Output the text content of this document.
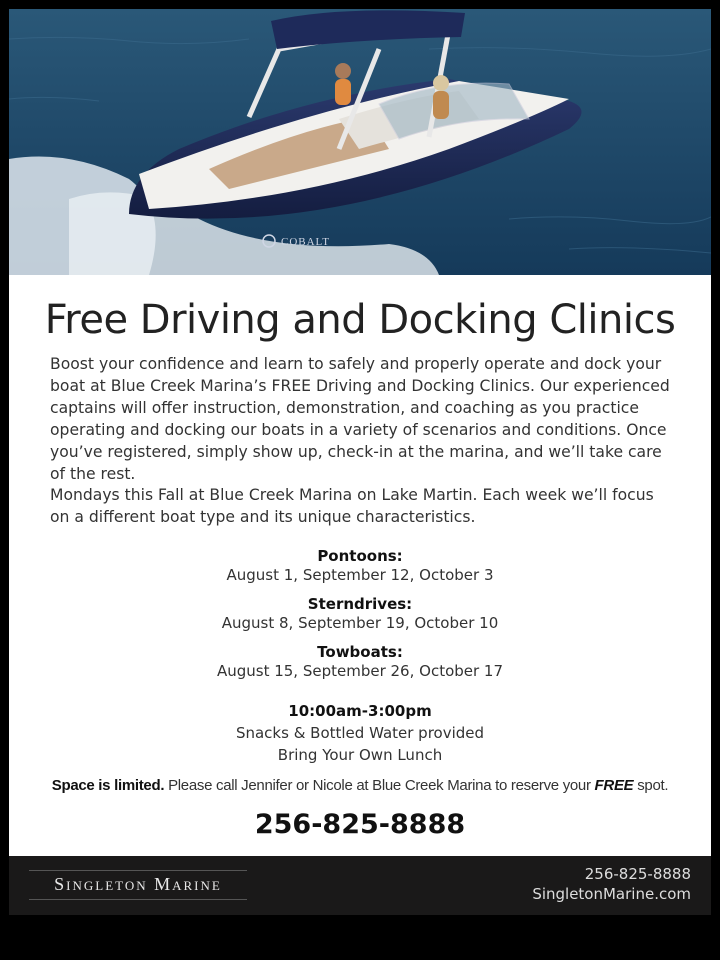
COBALT
Free Driving and Docking Clinics
Boost your confidence and learn to safely and properly operate and dock your boat at Blue Creek Marina’s FREE Driving and Docking Clinics. Our experienced captains will offer instruction, demonstration, and coaching as you practice operating and docking our boats in a variety of scenarios and conditions. Once you’ve registered, simply show up, check-in at the marina, and we’ll take care of the rest.
Mondays this Fall at Blue Creek Marina on Lake Martin. Each week we’ll focus on a different boat type and its unique characteristics.
Pontoons:
August 1, September 12, October 3
Sterndrives:
August 8, September 19, October 10
Towboats:
August 15, September 26, October 17
10:00am-3:00pm
Snacks & Bottled Water provided
Bring Your Own Lunch
Space is limited. Please call Jennifer or Nicole at Blue Creek Marina to reserve your FREE spot.
256-825-8888
Singleton Marine	256-825-8888
SingletonMarine.com
